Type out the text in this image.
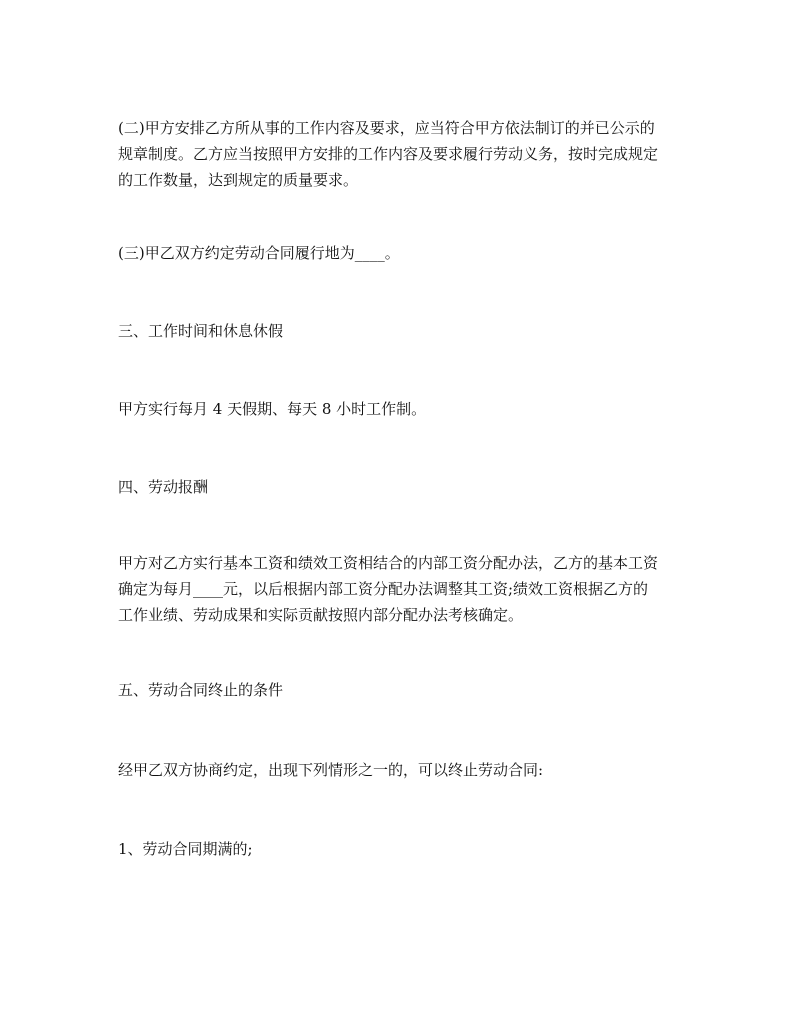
(二)甲方安排乙方所从事的工作内容及要求，应当符合甲方依法制订的并已公示的
规章制度。乙方应当按照甲方安排的工作内容及要求履行劳动义务，按时完成规定
的工作数量，达到规定的质量要求。
(三)甲乙双方约定劳动合同履行地为____。
三、工作时间和休息休假
甲方实行每月 4 天假期、每天 8 小时工作制。
四、劳动报酬
甲方对乙方实行基本工资和绩效工资相结合的内部工资分配办法，乙方的基本工资
确定为每月____元，以后根据内部工资分配办法调整其工资;绩效工资根据乙方的
工作业绩、劳动成果和实际贡献按照内部分配办法考核确定。
五、劳动合同终止的条件
经甲乙双方协商约定，出现下列情形之一的，可以终止劳动合同:
1、劳动合同期满的;
